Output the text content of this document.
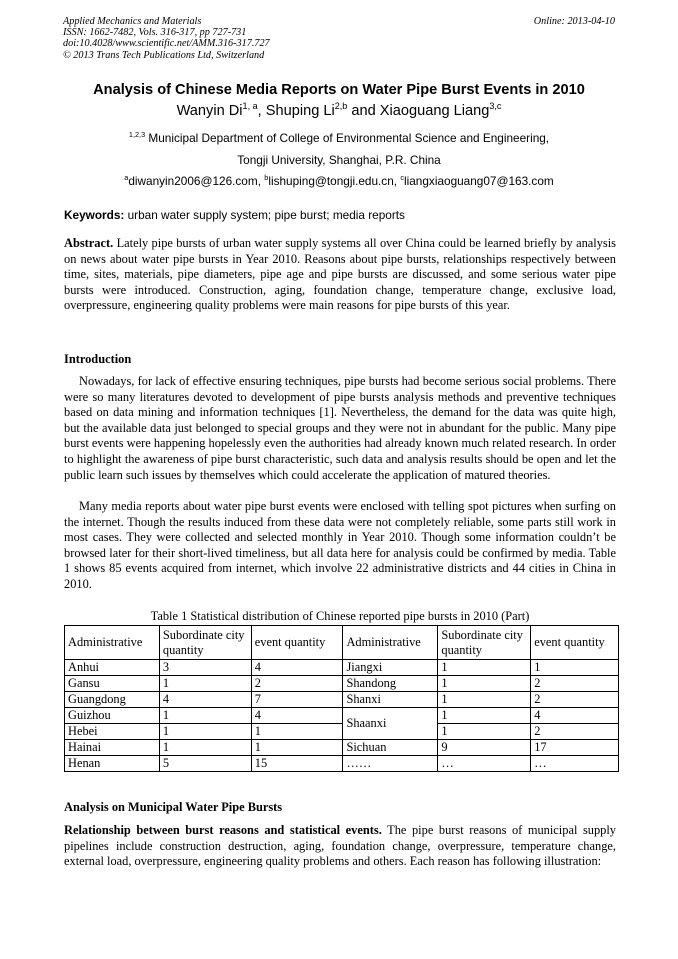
Applied Mechanics and Materials
ISSN: 1662-7482, Vols. 316-317, pp 727-731
doi:10.4028/www.scientific.net/AMM.316-317.727
© 2013 Trans Tech Publications Ltd, Switzerland
Online: 2013-04-10
Analysis of Chinese Media Reports on Water Pipe Burst Events in 2010
Wanyin Di$^{1, a}$, Shuping Li$^{2,b}$ and Xiaoguang Liang$^{3,c}$
$^{1,2,3}$ Municipal Department of College of Environmental Science and Engineering,
Tongji University, Shanghai, P.R. China
$^a$diwanyin2006@126.com, $^b$lishuping@tongji.edu.cn, $^c$liangxiaoguang07@163.com
Keywords: urban water supply system; pipe burst; media reports
Abstract. Lately pipe bursts of urban water supply systems all over China could be learned briefly by analysis on news about water pipe bursts in Year 2010. Reasons about pipe bursts, relationships respectively between time, sites, materials, pipe diameters, pipe age and pipe bursts are discussed, and some serious water pipe bursts were introduced. Construction, aging, foundation change, temperature change, exclusive load, overpressure, engineering quality problems were main reasons for pipe bursts of this year.
Introduction
Nowadays, for lack of effective ensuring techniques, pipe bursts had become serious social problems. There were so many literatures devoted to development of pipe bursts analysis methods and preventive techniques based on data mining and information techniques [1]. Nevertheless, the demand for the data was quite high, but the available data just belonged to special groups and they were not in abundant for the public. Many pipe burst events were happening hopelessly even the authorities had already known much related research. In order to highlight the awareness of pipe burst characteristic, such data and analysis results should be open and let the public learn such issues by themselves which could accelerate the application of matured theories.
Many media reports about water pipe burst events were enclosed with telling spot pictures when surfing on the internet. Though the results induced from these data were not completely reliable, some parts still work in most cases. They were collected and selected monthly in Year 2010. Though some information couldn’t be browsed later for their short-lived timeliness, but all data here for analysis could be confirmed by media. Table 1 shows 85 events acquired from internet, which involve 22 administrative districts and 44 cities in China in 2010.
Table 1 Statistical distribution of Chinese reported pipe bursts in 2010 (Part)
Administrative	Subordinate city quantity	event quantity	Administrative	Subordinate city quantity	event quantity
Anhui	3	4	Jiangxi	1	1
Gansu	1	2	Shandong	1	2
Guangdong	4	7	Shanxi	1	2
Guizhou	1	4	Shaanxi	1	4
Hebei	1	1		1	2
Hainai	1	1	Sichuan	9	17
Henan	5	15	……	…	…
Analysis on Municipal Water Pipe Bursts
Relationship between burst reasons and statistical events. The pipe burst reasons of municipal supply pipelines include construction destruction, aging, foundation change, overpressure, temperature change, external load, overpressure, engineering quality problems and others. Each reason has following illustration:
